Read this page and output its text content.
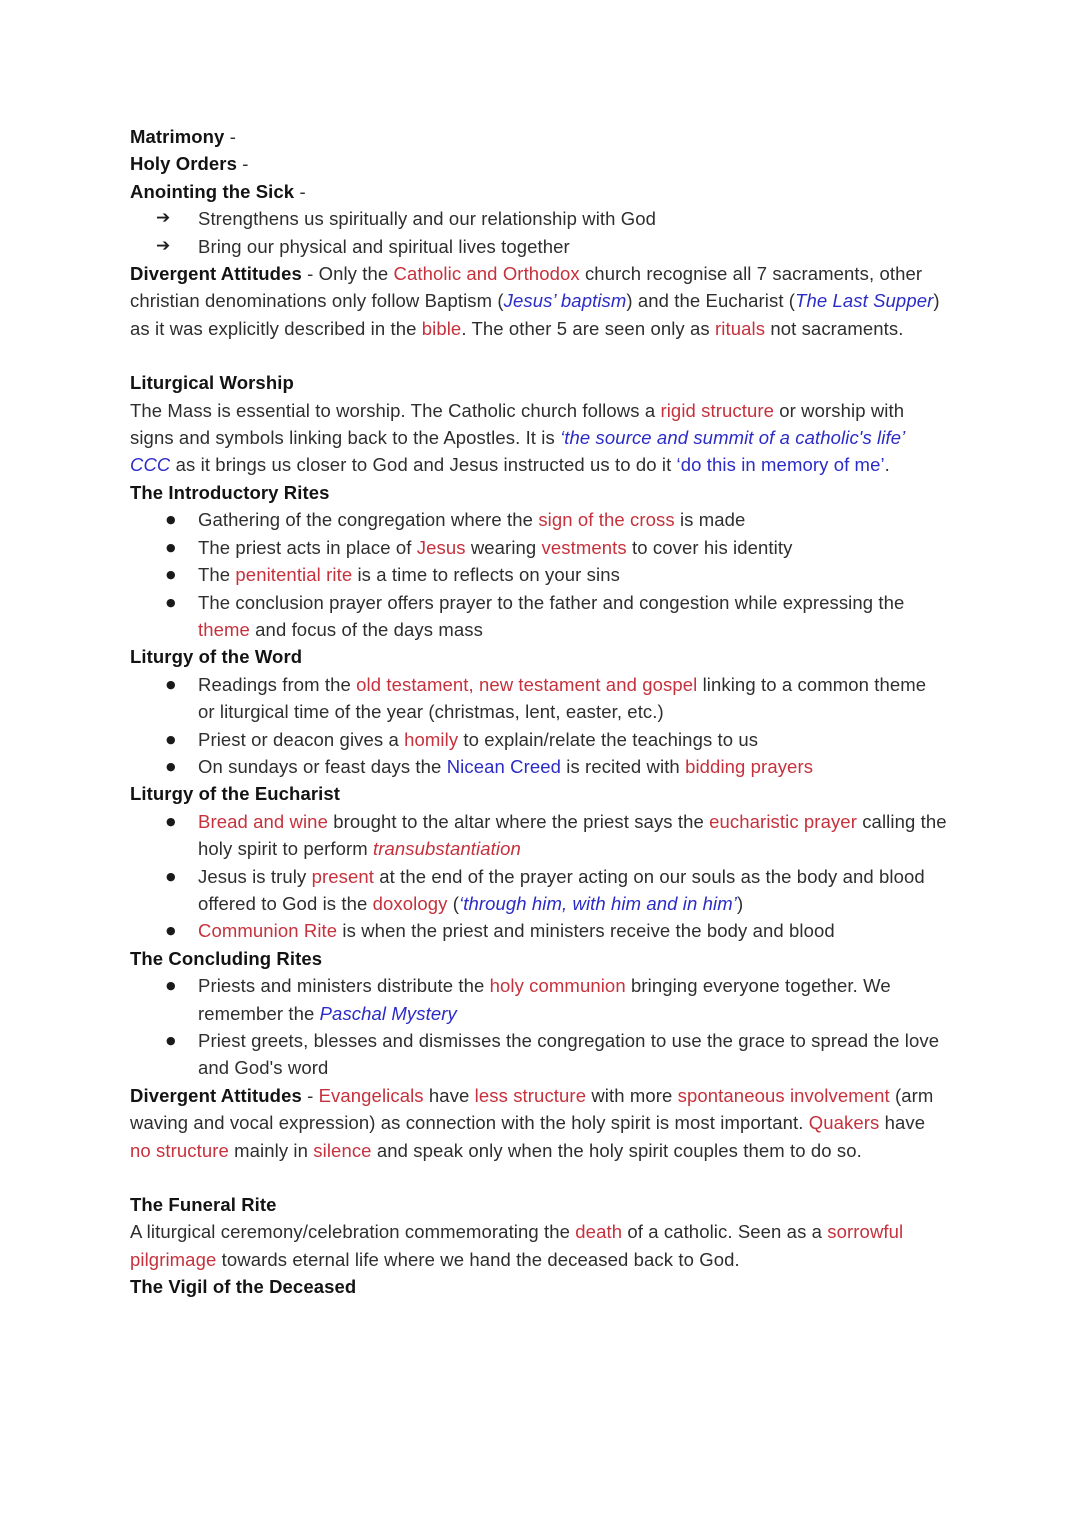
Matrimony -
Holy Orders -
Anointing the Sick -
➔ Strengthens us spiritually and our relationship with God
➔ Bring our physical and spiritual lives together
Divergent Attitudes - Only the Catholic and Orthodox church recognise all 7 sacraments, other christian denominations only follow Baptism (Jesus’ baptism) and the Eucharist (The Last Supper) as it was explicitly described in the bible. The other 5 are seen only as rituals not sacraments.
Liturgical Worship
The Mass is essential to worship. The Catholic church follows a rigid structure or worship with signs and symbols linking back to the Apostles. It is ‘the source and summit of a catholic's life’ CCC as it brings us closer to God and Jesus instructed us to do it ‘do this in memory of me’.
The Introductory Rites
● Gathering of the congregation where the sign of the cross is made
● The priest acts in place of Jesus wearing vestments to cover his identity
● The penitential rite is a time to reflects on your sins
● The conclusion prayer offers prayer to the father and congestion while expressing the theme and focus of the days mass
Liturgy of the Word
● Readings from the old testament, new testament and gospel linking to a common theme or liturgical time of the year (christmas, lent, easter, etc.)
● Priest or deacon gives a homily to explain/relate the teachings to us
● On sundays or feast days the Nicean Creed is recited with bidding prayers
Liturgy of the Eucharist
● Bread and wine brought to the altar where the priest says the eucharistic prayer calling the holy spirit to perform transubstantiation
● Jesus is truly present at the end of the prayer acting on our souls as the body and blood offered to God is the doxology (‘through him, with him and in him’)
● Communion Rite is when the priest and ministers receive the body and blood
The Concluding Rites
● Priests and ministers distribute the holy communion bringing everyone together. We remember the Paschal Mystery
● Priest greets, blesses and dismisses the congregation to use the grace to spread the love and God's word
Divergent Attitudes - Evangelicals have less structure with more spontaneous involvement (arm waving and vocal expression) as connection with the holy spirit is most important. Quakers have no structure mainly in silence and speak only when the holy spirit couples them to do so.
The Funeral Rite
A liturgical ceremony/celebration commemorating the death of a catholic. Seen as a sorrowful pilgrimage towards eternal life where we hand the deceased back to God.
The Vigil of the Deceased
